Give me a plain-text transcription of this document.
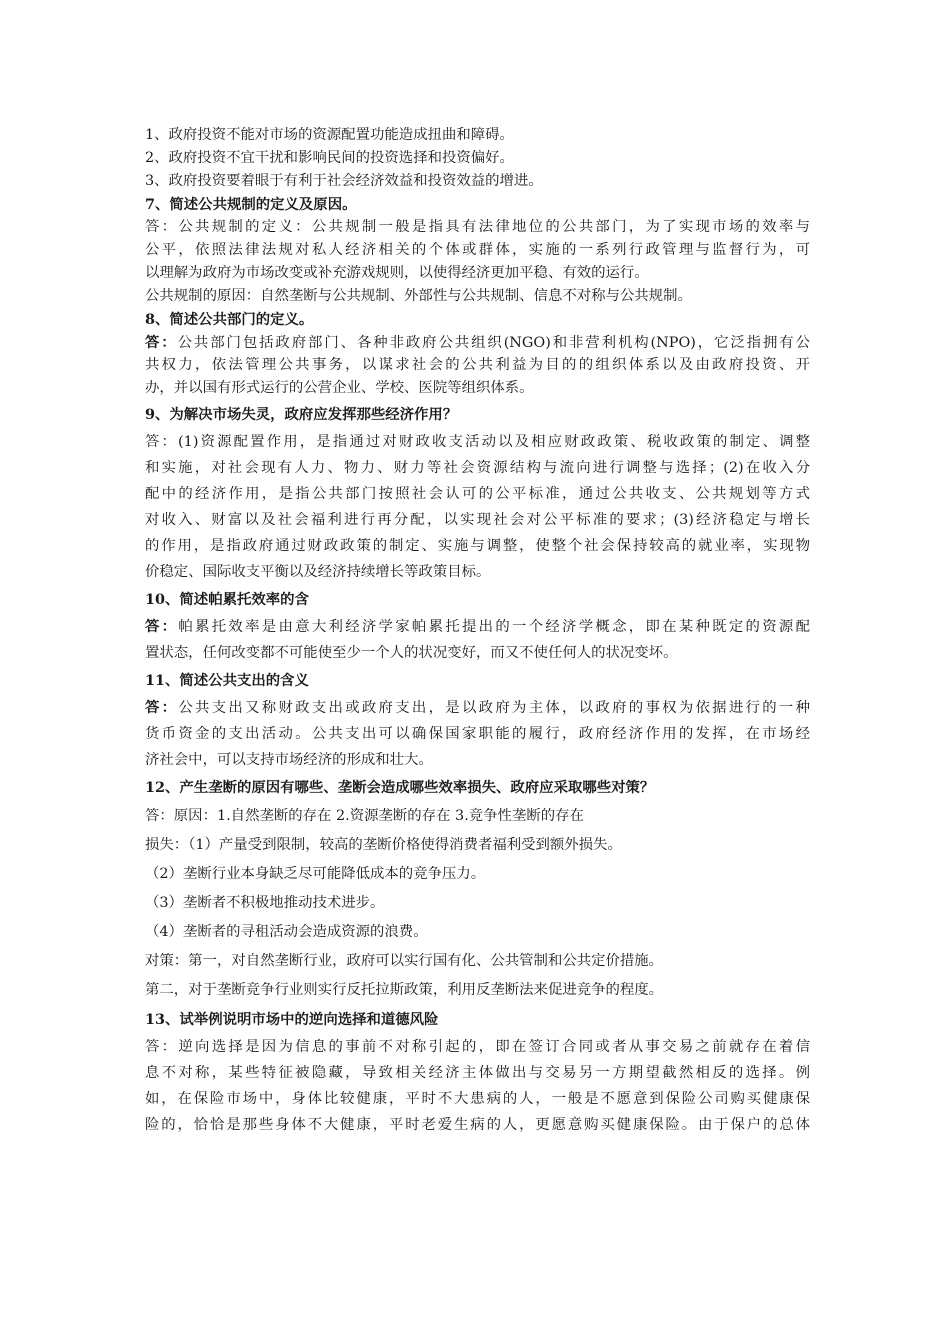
1、政府投资不能对市场的资源配置功能造成扭曲和障碍。
2、政府投资不宜干扰和影响民间的投资选择和投资偏好。
3、政府投资要着眼于有利于社会经济效益和投资效益的增进。
7、简述公共规制的定义及原因。
答：公共规制的定义：公共规制一般是指具有法律地位的公共部门，为了实现市场的效率与
公平，依照法律法规对私人经济相关的个体或群体，实施的一系列行政管理与监督行为，可
以理解为政府为市场改变或补充游戏规则，以使得经济更加平稳、有效的运行。
公共规制的原因：自然垄断与公共规制、外部性与公共规制、信息不对称与公共规制。
8、简述公共部门的定义。
答：公共部门包括政府部门、各种非政府公共组织(NGO)和非营利机构(NPO)，它泛指拥有公
共权力，依法管理公共事务，以谋求社会的公共利益为目的的组织体系以及由政府投资、开
办，并以国有形式运行的公营企业、学校、医院等组织体系。
9、为解决市场失灵，政府应发挥那些经济作用？
答：(1)资源配置作用，是指通过对财政收支活动以及相应财政政策、税收政策的制定、调整
和实施，对社会现有人力、物力、财力等社会资源结构与流向进行调整与选择；(2)在收入分
配中的经济作用，是指公共部门按照社会认可的公平标准，通过公共收支、公共规划等方式
对收入、财富以及社会福利进行再分配，以实现社会对公平标准的要求；(3)经济稳定与增长
的作用，是指政府通过财政政策的制定、实施与调整，使整个社会保持较高的就业率，实现物
价稳定、国际收支平衡以及经济持续增长等政策目标。
10、简述帕累托效率的含
答：帕累托效率是由意大利经济学家帕累托提出的一个经济学概念，即在某种既定的资源配
置状态，任何改变都不可能使至少一个人的状况变好，而又不使任何人的状况变坏。
11、简述公共支出的含义
答：公共支出又称财政支出或政府支出，是以政府为主体，以政府的事权为依据进行的一种
货币资金的支出活动。公共支出可以确保国家职能的履行，政府经济作用的发挥，在市场经
济社会中，可以支持市场经济的形成和壮大。
12、产生垄断的原因有哪些、垄断会造成哪些效率损失、政府应采取哪些对策？
答：原因：1.自然垄断的存在 2.资源垄断的存在 3.竞争性垄断的存在
损失：（1）产量受到限制，较高的垄断价格使得消费者福利受到额外损失。
（2）垄断行业本身缺乏尽可能降低成本的竞争压力。
（3）垄断者不积极地推动技术进步。
（4）垄断者的寻租活动会造成资源的浪费。
对策：第一，对自然垄断行业，政府可以实行国有化、公共管制和公共定价措施。
第二，对于垄断竞争行业则实行反托拉斯政策，利用反垄断法来促进竞争的程度。
13、试举例说明市场中的逆向选择和道德风险
答：逆向选择是因为信息的事前不对称引起的，即在签订合同或者从事交易之前就存在着信
息不对称，某些特征被隐藏，导致相关经济主体做出与交易另一方期望截然相反的选择。例
如，在保险市场中，身体比较健康，平时不大患病的人，一般是不愿意到保险公司购买健康保
险的，恰恰是那些身体不大健康，平时老爱生病的人，更愿意购买健康保险。由于保户的总体
